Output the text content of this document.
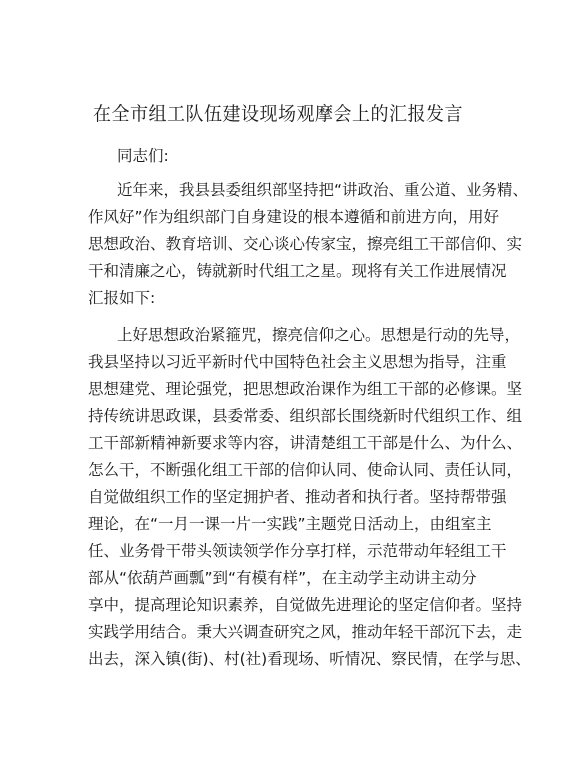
在全市组工队伍建设现场观摩会上的汇报发言
同志们:
近年来，我县县委组织部坚持把“讲政治、重公道、业务精、
作风好”作为组织部门自身建设的根本遵循和前进方向，用好
思想政治、教育培训、交心谈心传家宝，擦亮组工干部信仰、实
干和清廉之心，铸就新时代组工之星。现将有关工作进展情况
汇报如下:
上好思想政治紧箍咒，擦亮信仰之心。思想是行动的先导，
我县坚持以习近平新时代中国特色社会主义思想为指导，注重
思想建党、理论强党，把思想政治课作为组工干部的必修课。坚
持传统讲思政课，县委常委、组织部长围绕新时代组织工作、组
工干部新精神新要求等内容，讲清楚组工干部是什么、为什么、
怎么干，不断强化组工干部的信仰认同、使命认同、责任认同，
自觉做组织工作的坚定拥护者、推动者和执行者。坚持帮带强
理论，在“一月一课一片一实践”主题党日活动上，由组室主
任、业务骨干带头领读领学作分享打样，示范带动年轻组工干
部从“依葫芦画瓢”到“有模有样”，在主动学主动讲主动分
享中，提高理论知识素养，自觉做先进理论的坚定信仰者。坚持
实践学用结合。秉大兴调查研究之风，推动年轻干部沉下去，走
出去，深入镇(街)、村(社)看现场、听情况、察民情，在学与思、
